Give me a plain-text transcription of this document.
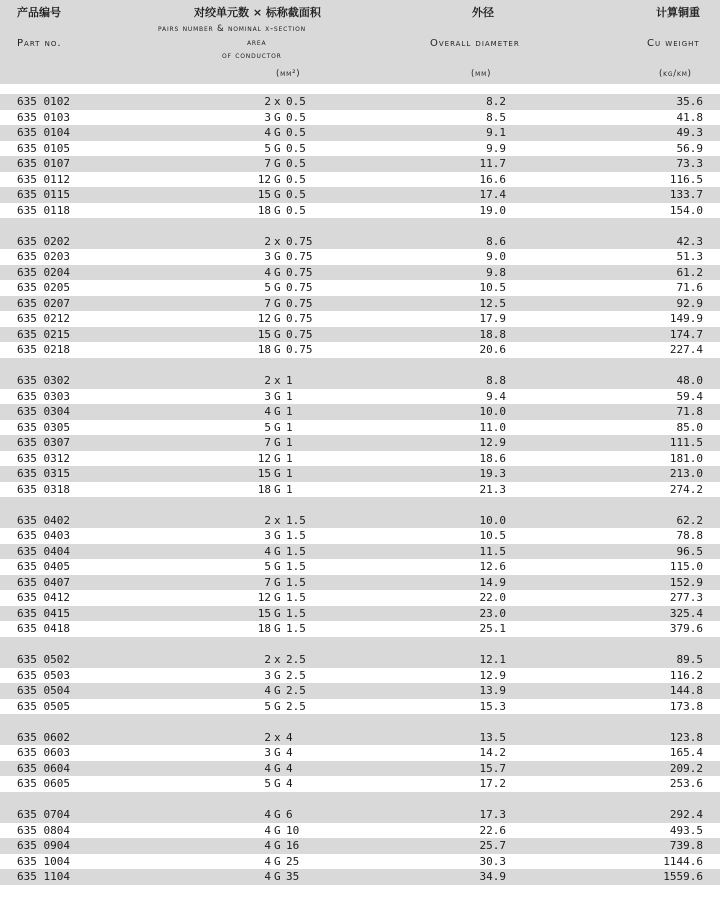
产品编号
Part no.
对绞单元数 × 标称截面积
pairs number & nominal x-section
area
of conductor
(mm²)
外径
Overall diameter
(mm)
计算铜重
Cu weight
(kg/km)
635 0102	2 x 0.5	8.2	35.6
635 0103	3 G 0.5	8.5	41.8
635 0104	4 G 0.5	9.1	49.3
635 0105	5 G 0.5	9.9	56.9
635 0107	7 G 0.5	11.7	73.3
635 0112	12 G 0.5	16.6	116.5
635 0115	15 G 0.5	17.4	133.7
635 0118	18 G 0.5	19.0	154.0
635 0202	2 x 0.75	8.6	42.3
635 0203	3 G 0.75	9.0	51.3
635 0204	4 G 0.75	9.8	61.2
635 0205	5 G 0.75	10.5	71.6
635 0207	7 G 0.75	12.5	92.9
635 0212	12 G 0.75	17.9	149.9
635 0215	15 G 0.75	18.8	174.7
635 0218	18 G 0.75	20.6	227.4
635 0302	2 x 1	8.8	48.0
635 0303	3 G 1	9.4	59.4
635 0304	4 G 1	10.0	71.8
635 0305	5 G 1	11.0	85.0
635 0307	7 G 1	12.9	111.5
635 0312	12 G 1	18.6	181.0
635 0315	15 G 1	19.3	213.0
635 0318	18 G 1	21.3	274.2
635 0402	2 x 1.5	10.0	62.2
635 0403	3 G 1.5	10.5	78.8
635 0404	4 G 1.5	11.5	96.5
635 0405	5 G 1.5	12.6	115.0
635 0407	7 G 1.5	14.9	152.9
635 0412	12 G 1.5	22.0	277.3
635 0415	15 G 1.5	23.0	325.4
635 0418	18 G 1.5	25.1	379.6
635 0502	2 x 2.5	12.1	89.5
635 0503	3 G 2.5	12.9	116.2
635 0504	4 G 2.5	13.9	144.8
635 0505	5 G 2.5	15.3	173.8
635 0602	2 x 4	13.5	123.8
635 0603	3 G 4	14.2	165.4
635 0604	4 G 4	15.7	209.2
635 0605	5 G 4	17.2	253.6
635 0704	4 G 6	17.3	292.4
635 0804	4 G 10	22.6	493.5
635 0904	4 G 16	25.7	739.8
635 1004	4 G 25	30.3	1144.6
635 1104	4 G 35	34.9	1559.6
